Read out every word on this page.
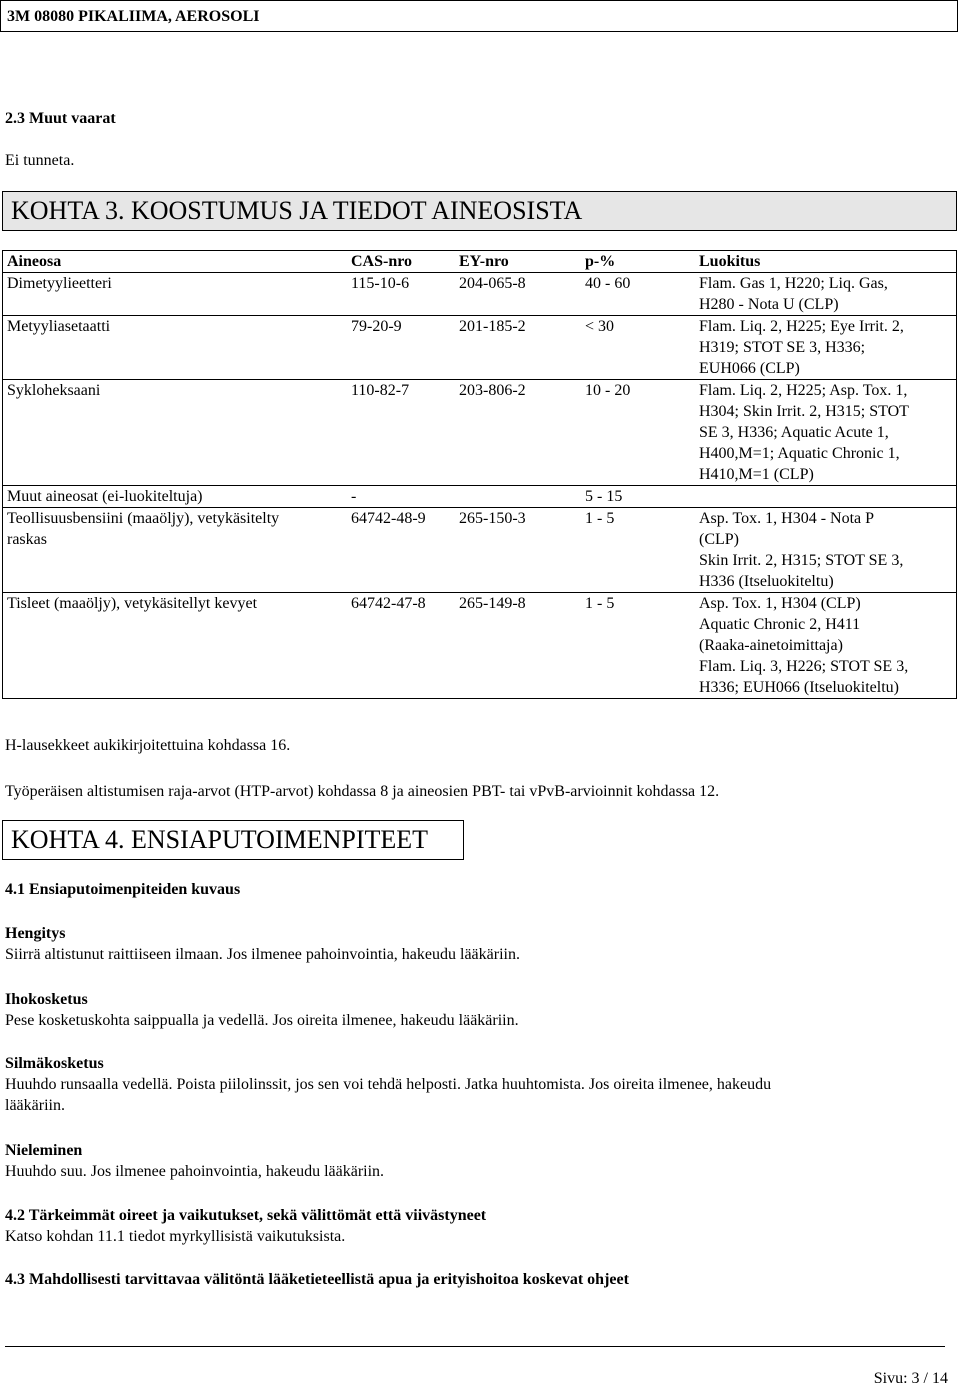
3M 08080 PIKALIIMA, AEROSOLI
2.3 Muut vaarat
Ei tunneta.
KOHTA 3. KOOSTUMUS JA TIEDOT AINEOSISTA
Aineosa	CAS-nro	EY-nro	p-%	Luokitus
Dimetyylieetteri	115-10-6	204-065-8	40 - 60	Flam. Gas 1, H220; Liq. Gas,
H280 - Nota U (CLP)
Metyyliasetaatti	79-20-9	201-185-2	< 30	Flam. Liq. 2, H225; Eye Irrit. 2,
H319; STOT SE 3, H336;
EUH066 (CLP)
Sykloheksaani	110-82-7	203-806-2	10 - 20	Flam. Liq. 2, H225; Asp. Tox. 1,
H304; Skin Irrit. 2, H315; STOT
SE 3, H336; Aquatic Acute 1,
H400,M=1; Aquatic Chronic 1,
H410,M=1 (CLP)
Muut aineosat (ei-luokiteltuja)	-		5 - 15	
Teollisuusbensiini (maaöljy), vetykäsitelty
raskas	64742-48-9	265-150-3	1 - 5	Asp. Tox. 1, H304 - Nota P
(CLP)
Skin Irrit. 2, H315; STOT SE 3,
H336 (Itseluokiteltu)
Tisleet (maaöljy), vetykäsitellyt kevyet	64742-47-8	265-149-8	1 - 5	Asp. Tox. 1, H304 (CLP)
Aquatic Chronic 2, H411
(Raaka-ainetoimittaja)
Flam. Liq. 3, H226; STOT SE 3,
H336; EUH066 (Itseluokiteltu)
H-lausekkeet aukikirjoitettuina kohdassa 16.
Työperäisen altistumisen raja-arvot (HTP-arvot) kohdassa 8 ja aineosien PBT- tai vPvB-arvioinnit kohdassa 12.
KOHTA 4. ENSIAPUTOIMENPITEET
4.1 Ensiaputoimenpiteiden kuvaus
Hengitys
Siirrä altistunut raittiiseen ilmaan. Jos ilmenee pahoinvointia, hakeudu lääkäriin.
Ihokosketus
Pese kosketuskohta saippualla ja vedellä. Jos oireita ilmenee, hakeudu lääkäriin.
Silmäkosketus
Huuhdo runsaalla vedellä. Poista piilolinssit, jos sen voi tehdä helposti. Jatka huuhtomista. Jos oireita ilmenee, hakeudu
lääkäriin.
Nieleminen
Huuhdo suu. Jos ilmenee pahoinvointia, hakeudu lääkäriin.
4.2 Tärkeimmät oireet ja vaikutukset, sekä välittömät että viivästyneet
Katso kohdan 11.1 tiedot myrkyllisistä vaikutuksista.
4.3 Mahdollisesti tarvittavaa välitöntä lääketieteellistä apua ja erityishoitoa koskevat ohjeet
Sivu: 3 / 14
